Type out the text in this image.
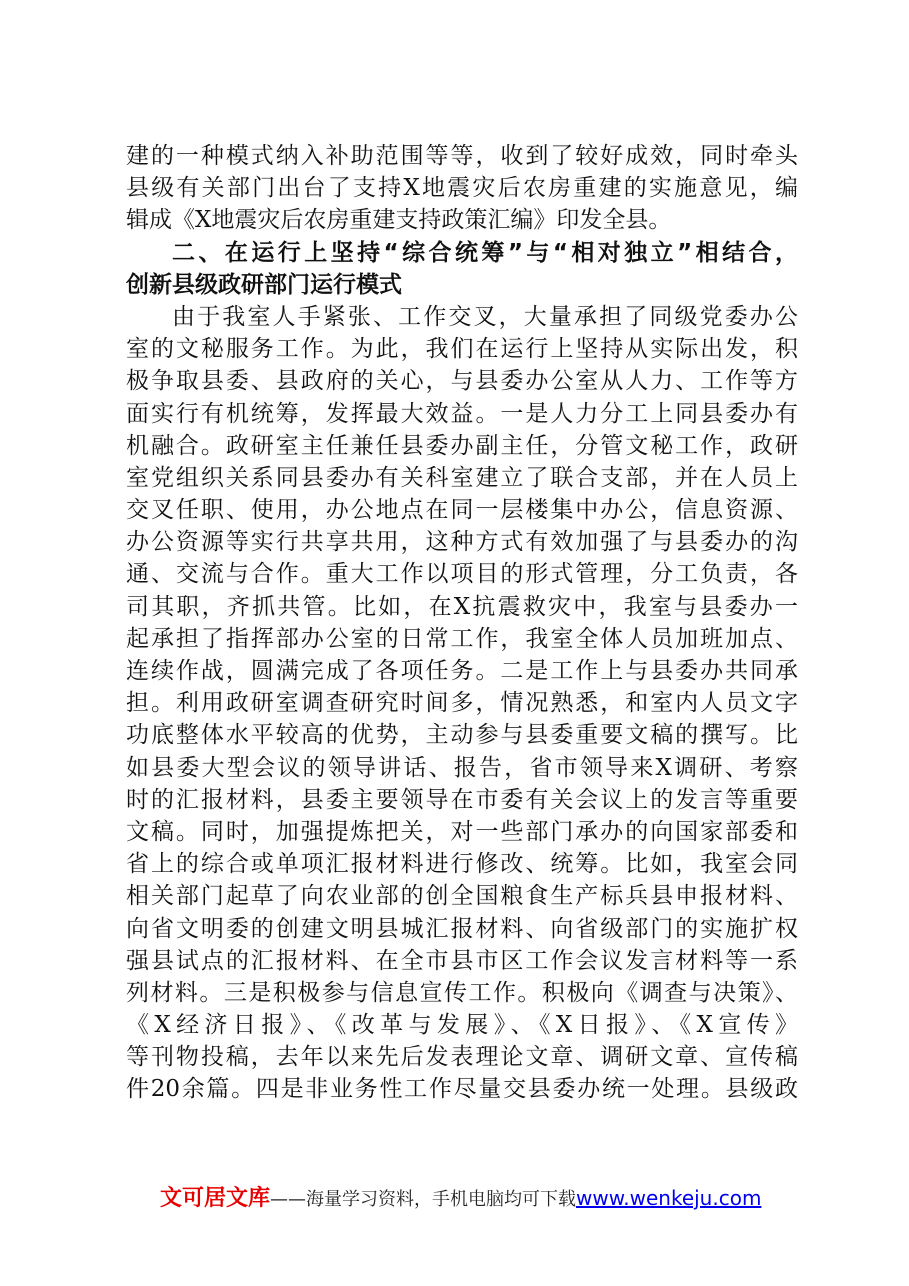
建的一种模式纳入补助范围等等，收到了较好成效，同时牵头
县级有关部门出台了支持X地震灾后农房重建的实施意见，编
辑成《X地震灾后农房重建支持政策汇编》印发全县。
二、在运行上坚持“综合统筹”与“相对独立”相结合，
创新县级政研部门运行模式
由于我室人手紧张、工作交叉，大量承担了同级党委办公
室的文秘服务工作。为此，我们在运行上坚持从实际出发，积
极争取县委、县政府的关心，与县委办公室从人力、工作等方
面实行有机统筹，发挥最大效益。一是人力分工上同县委办有
机融合。政研室主任兼任县委办副主任，分管文秘工作，政研
室党组织关系同县委办有关科室建立了联合支部，并在人员上
交叉任职、使用，办公地点在同一层楼集中办公，信息资源、
办公资源等实行共享共用，这种方式有效加强了与县委办的沟
通、交流与合作。重大工作以项目的形式管理，分工负责，各
司其职，齐抓共管。比如，在X抗震救灾中，我室与县委办一
起承担了指挥部办公室的日常工作，我室全体人员加班加点、
连续作战，圆满完成了各项任务。二是工作上与县委办共同承
担。利用政研室调查研究时间多，情况熟悉，和室内人员文字
功底整体水平较高的优势，主动参与县委重要文稿的撰写。比
如县委大型会议的领导讲话、报告，省市领导来X调研、考察
时的汇报材料，县委主要领导在市委有关会议上的发言等重要
文稿。同时，加强提炼把关，对一些部门承办的向国家部委和
省上的综合或单项汇报材料进行修改、统筹。比如，我室会同
相关部门起草了向农业部的创全国粮食生产标兵县申报材料、
向省文明委的创建文明县城汇报材料、向省级部门的实施扩权
强县试点的汇报材料、在全市县市区工作会议发言材料等一系
列材料。三是积极参与信息宣传工作。积极向《调查与决策》、
《X经济日报》、《改革与发展》、《X日报》、《X宣传》
等刊物投稿，去年以来先后发表理论文章、调研文章、宣传稿
件20余篇。四是非业务性工作尽量交县委办统一处理。县级政
文可居文库——海量学习资料，手机电脑均可下载www.wenkeju.com
